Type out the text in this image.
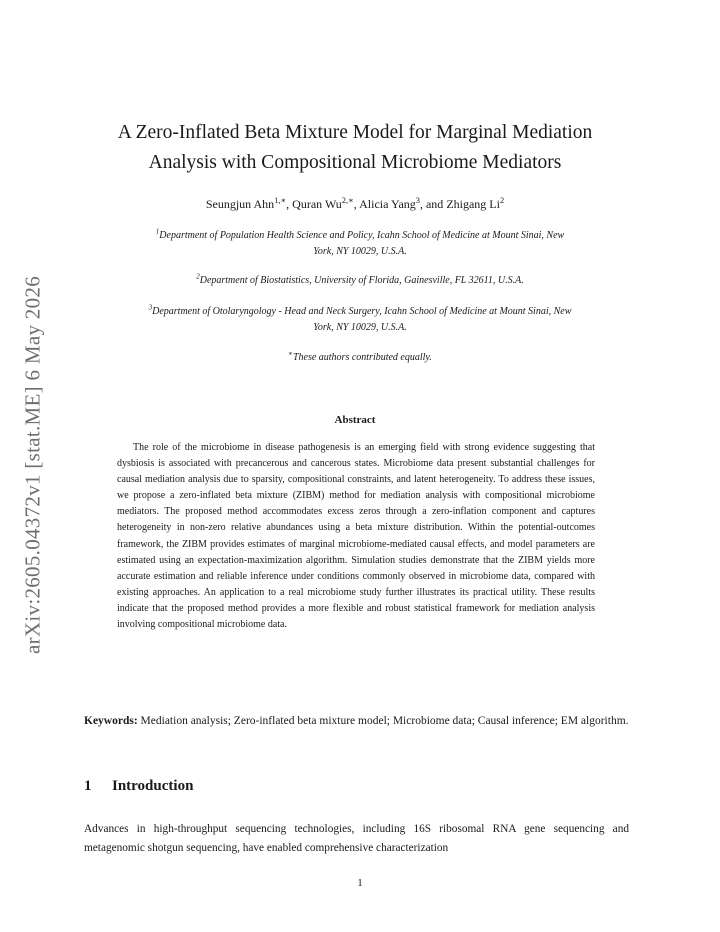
arXiv:2605.04372v1 [stat.ME] 6 May 2026
A Zero-Inflated Beta Mixture Model for Marginal Mediation
Analysis with Compositional Microbiome Mediators
Seungjun Ahn$^{1,∗}$, Quran $Wu^{2,∗}$, Alicia Yang$^3$, and Zhigang Li$^2$
$^1$Department of Population Health Science and Policy, Icahn School of Medicine at Mount Sinai, New
York, NY 10029, U.S.A.
$^2$Department of Biostatistics, University of Florida, Gainesville, FL 32611, U.S.A.
$^3$Department of Otolaryngology - Head and Neck Surgery, Icahn School of Medicine at Mount Sinai, New
York, NY 10029, U.S.A.
∗These authors contributed equally.
Abstract

The role of the microbiome in disease pathogenesis is an emerging field with strong evidence suggesting that dysbiosis is associated with precancerous and cancerous states. Microbiome data present substantial challenges for causal mediation analysis due to sparsity, compositional constraints, and latent heterogeneity. To address these issues, we propose a zero-inflated beta mixture (ZIBM) method for mediation analysis with compositional microbiome mediators. The proposed method accommodates excess zeros through a zero-inflation component and captures heterogeneity in non-zero relative abundances using a beta mixture distribution. Within the potential-outcomes framework, the ZIBM provides estimates of marginal microbiome-mediated causal effects, and model parameters are estimated using an expectation-maximization algorithm. Simulation studies demonstrate that the ZIBM yields more accurate estimation and reliable inference under conditions commonly observed in microbiome data, compared with existing approaches. An application to a real microbiome study further illustrates its practical utility. These results indicate that the proposed method provides a more flexible and robust statistical framework for mediation analysis involving compositional microbiome data.

Keywords: Mediation analysis; Zero-inflated beta mixture model; Microbiome data; Causal inference; EM algorithm.

1 Introduction

Advances in high-throughput sequencing technologies, including 16S ribosomal RNA gene sequencing and metagenomic shotgun sequencing, have enabled comprehensive characterization

1
